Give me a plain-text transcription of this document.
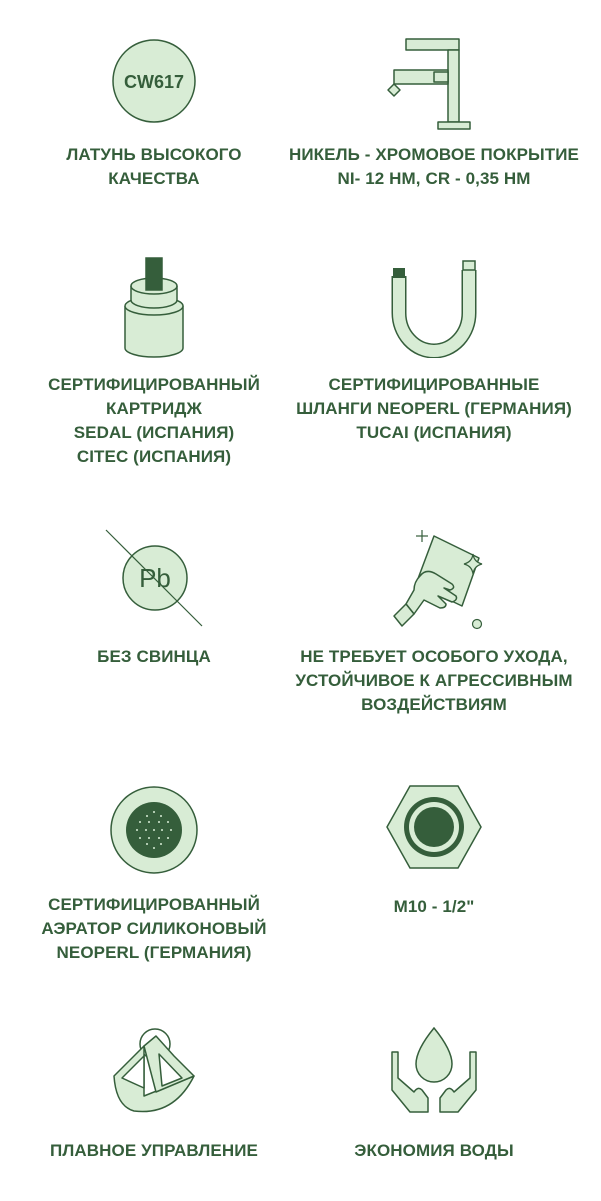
CW617
ЛАТУНЬ ВЫСОКОГО
КАЧЕСТВА
НИКЕЛЬ - ХРОМОВОЕ ПОКРЫТИЕ
NI- 12 НМ, CR - 0,35 НМ
СЕРТИФИЦИРОВАННЫЙ
КАРТРИДЖ
SEDAL (ИСПАНИЯ)
CITEC (ИСПАНИЯ)
СЕРТИФИЦИРОВАННЫЕ
ШЛАНГИ NEOPERL (ГЕРМАНИЯ)
TUCAI (ИСПАНИЯ)
Pb
БЕЗ СВИНЦА	НЕ ТРЕБУЕТ ОСОБОГО УХОДА,
УСТОЙЧИВОЕ К АГРЕССИВНЫМ
ВОЗДЕЙСТВИЯМ
СЕРТИФИЦИРОВАННЫЙ
АЭРАТОР СИЛИКОНОВЫЙ
NEOPERL (ГЕРМАНИЯ)
M10 - 1/2"
ПЛАВНОЕ УПРАВЛЕНИЕ	ЭКОНОМИЯ ВОДЫ
